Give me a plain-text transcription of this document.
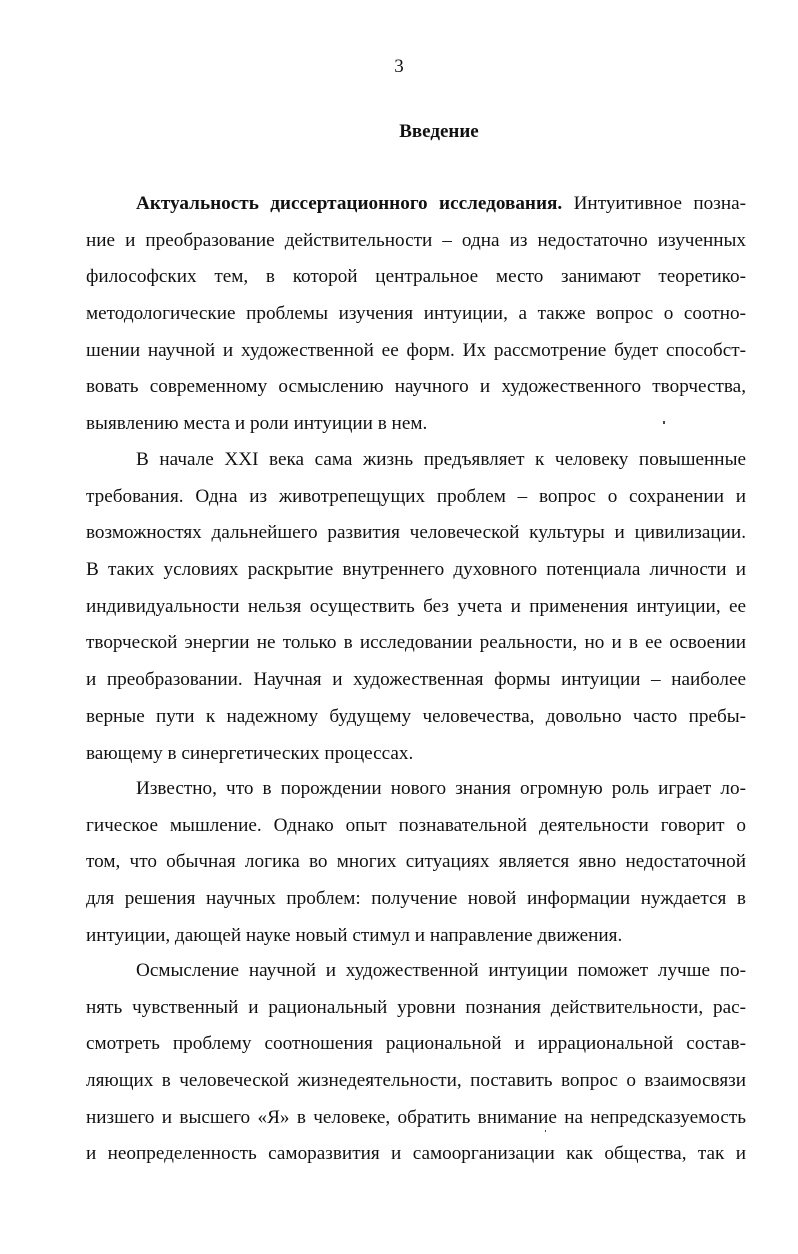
3
Введение
Актуальность диссертационного исследования. Интуитивное позна-
ние и преобразование действительности – одна из недостаточно изученных
философских тем, в которой центральное место занимают теоретико-
методологические проблемы изучения интуиции, а также вопрос о соотно-
шении научной и художественной ее форм. Их рассмотрение будет способст-
вовать современному осмыслению научного и художественного творчества,
выявлению места и роли интуиции в нем.
В начале XXI века сама жизнь предъявляет к человеку повышенные
требования. Одна из животрепещущих проблем – вопрос о сохранении и
возможностях дальнейшего развития человеческой культуры и цивилизации.
В таких условиях раскрытие внутреннего духовного потенциала личности и
индивидуальности нельзя осуществить без учета и применения интуиции, ее
творческой энергии не только в исследовании реальности, но и в ее освоении
и преобразовании. Научная и художественная формы интуиции – наиболее
верные пути к надежному будущему человечества, довольно часто пребы-
вающему в синергетических процессах.
Известно, что в порождении нового знания огромную роль играет ло-
гическое мышление. Однако опыт познавательной деятельности говорит о
том, что обычная логика во многих ситуациях является явно недостаточной
для решения научных проблем: получение новой информации нуждается в
интуиции, дающей науке новый стимул и направление движения.
Осмысление научной и художественной интуиции поможет лучше по-
нять чувственный и рациональный уровни познания действительности, рас-
смотреть проблему соотношения рациональной и иррациональной состав-
ляющих в человеческой жизнедеятельности, поставить вопрос о взаимосвязи
низшего и высшего «Я» в человеке, обратить внимание на непредсказуемость
и неопределенность саморазвития и самоорганизации как общества, так и
